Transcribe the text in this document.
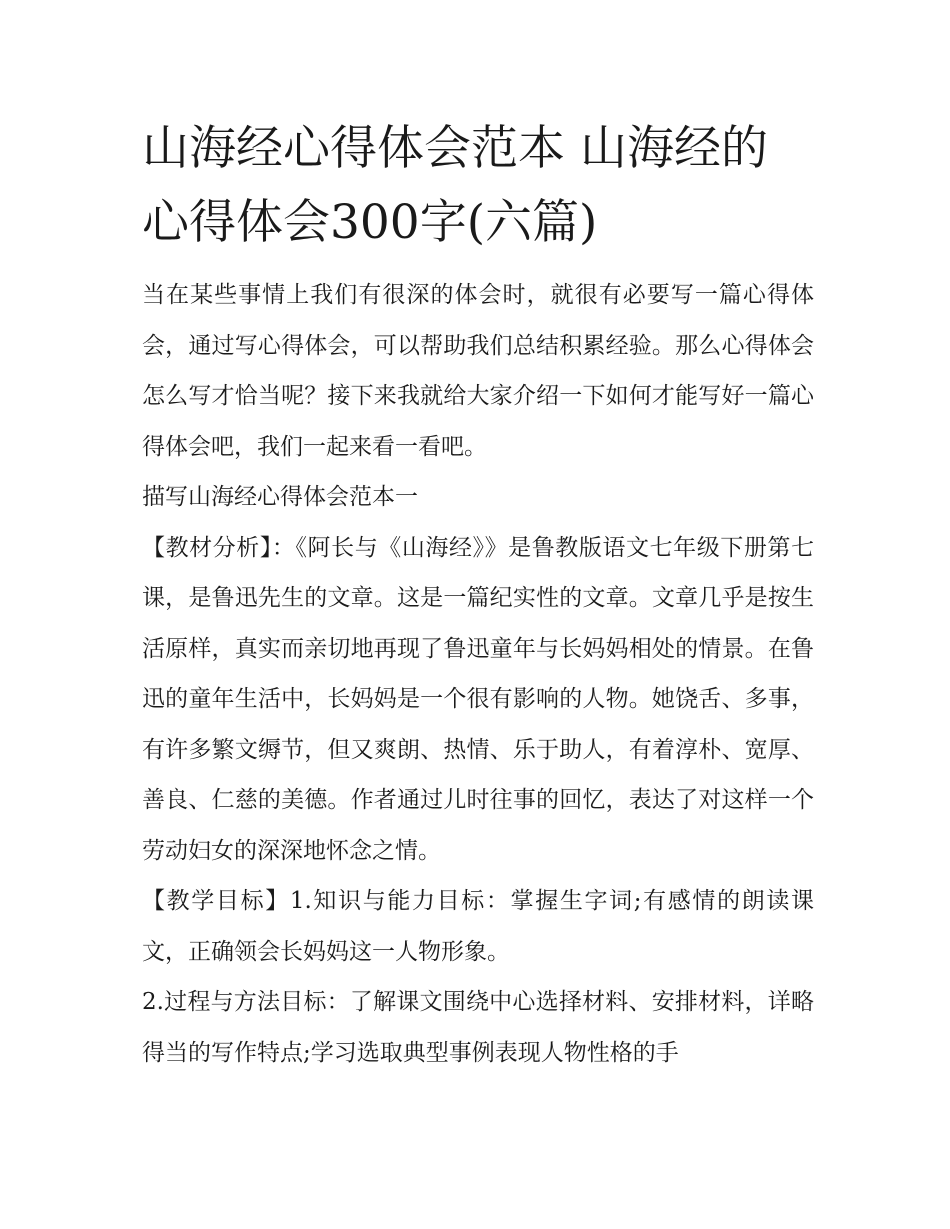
山海经心得体会范本 山海经的心得体会300字(六篇)

当在某些事情上我们有很深的体会时，就很有必要写一篇心得体会，通过写心得体会，可以帮助我们总结积累经验。那么心得体会怎么写才恰当呢？接下来我就给大家介绍一下如何才能写好一篇心得体会吧，我们一起来看一看吧。

描写山海经心得体会范本一

【教材分析】：《阿长与《山海经》》是鲁教版语文七年级下册第七课，是鲁迅先生的文章。这是一篇纪实性的文章。文章几乎是按生活原样，真实而亲切地再现了鲁迅童年与长妈妈相处的情景。在鲁迅的童年生活中，长妈妈是一个很有影响的人物。她饶舌、多事，有许多繁文缛节，但又爽朗、热情、乐于助人，有着淳朴、宽厚、善良、仁慈的美德。作者通过儿时往事的回忆，表达了对这样一个劳动妇女的深深地怀念之情。

【教学目标】1.知识与能力目标：掌握生字词;有感情的朗读课文，正确领会长妈妈这一人物形象。

2.过程与方法目标：了解课文围绕中心选择材料、安排材料，详略得当的写作特点;学习选取典型事例表现人物性格的手
